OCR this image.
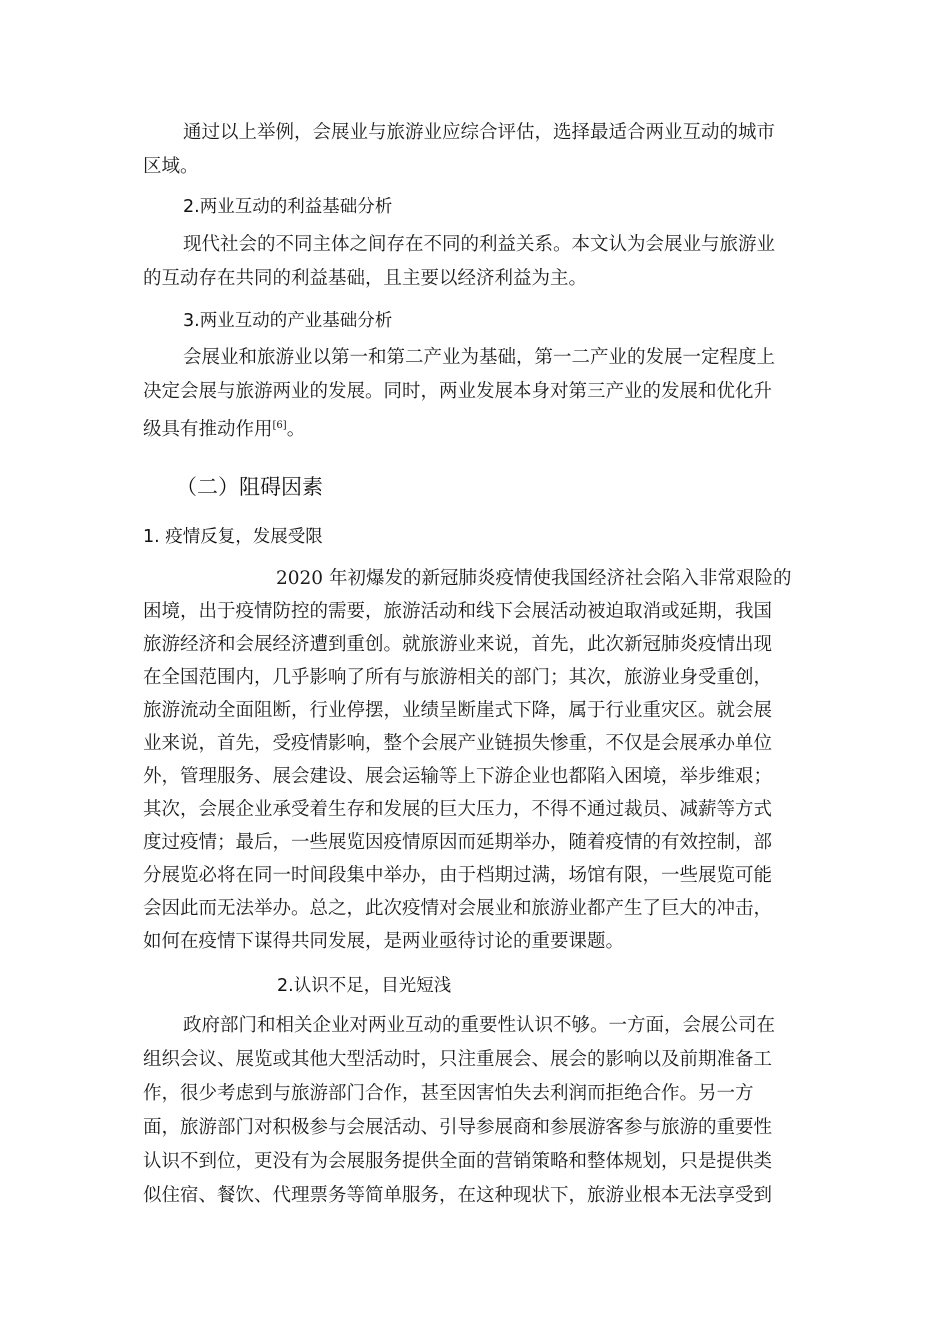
通过以上举例，会展业与旅游业应综合评估，选择最适合两业互动的城市
区域。
2.两业互动的利益基础分析
现代社会的不同主体之间存在不同的利益关系。本文认为会展业与旅游业
的互动存在共同的利益基础，且主要以经济利益为主。
3.两业互动的产业基础分析
会展业和旅游业以第一和第二产业为基础，第一二产业的发展一定程度上
决定会展与旅游两业的发展。同时，两业发展本身对第三产业的发展和优化升
级具有推动作用[6]。
（二）阻碍因素
1. 疫情反复，发展受限
2020 年初爆发的新冠肺炎疫情使我国经济社会陷入非常艰险的
困境，出于疫情防控的需要，旅游活动和线下会展活动被迫取消或延期，我国
旅游经济和会展经济遭到重创。就旅游业来说，首先，此次新冠肺炎疫情出现
在全国范围内，几乎影响了所有与旅游相关的部门；其次，旅游业身受重创，
旅游流动全面阻断，行业停摆，业绩呈断崖式下降，属于行业重灾区。就会展
业来说，首先，受疫情影响，整个会展产业链损失惨重，不仅是会展承办单位
外，管理服务、展会建设、展会运输等上下游企业也都陷入困境，举步维艰；
其次，会展企业承受着生存和发展的巨大压力，不得不通过裁员、减薪等方式
度过疫情；最后，一些展览因疫情原因而延期举办，随着疫情的有效控制，部
分展览必将在同一时间段集中举办，由于档期过满，场馆有限，一些展览可能
会因此而无法举办。总之，此次疫情对会展业和旅游业都产生了巨大的冲击，
如何在疫情下谋得共同发展，是两业亟待讨论的重要课题。
2.认识不足，目光短浅
政府部门和相关企业对两业互动的重要性认识不够。一方面，会展公司在
组织会议、展览或其他大型活动时，只注重展会、展会的影响以及前期准备工
作，很少考虑到与旅游部门合作，甚至因害怕失去利润而拒绝合作。另一方
面，旅游部门对积极参与会展活动、引导参展商和参展游客参与旅游的重要性
认识不到位，更没有为会展服务提供全面的营销策略和整体规划，只是提供类
似住宿、餐饮、代理票务等简单服务，在这种现状下，旅游业根本无法享受到
